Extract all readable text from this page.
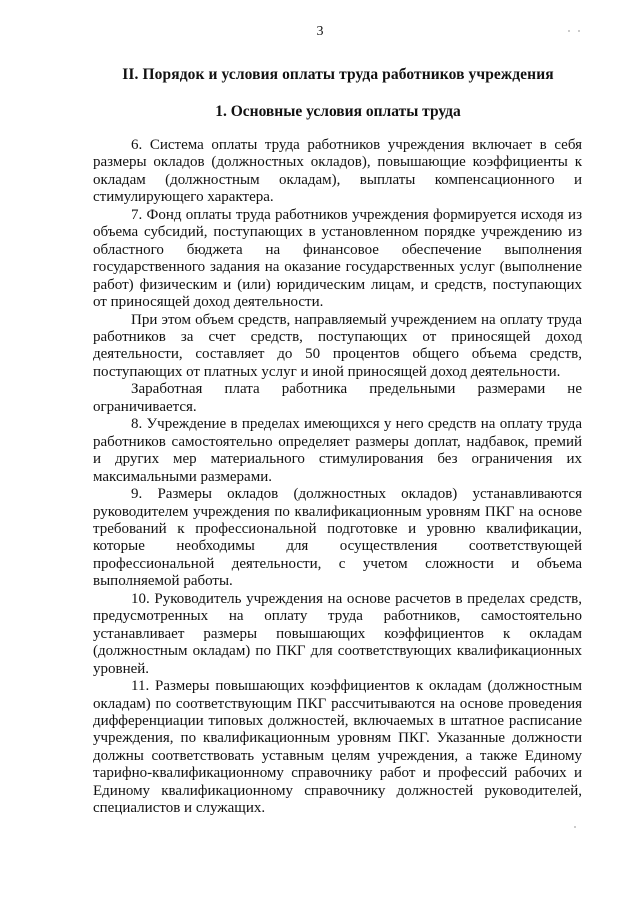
3
II. Порядок и условия оплаты труда работников учреждения
1. Основные условия оплаты труда

6. Система оплаты труда работников учреждения включает в себя размеры окладов (должностных окладов), повышающие коэффициенты к окладам (должностным окладам), выплаты компенсационного и стимулирующего характера.

7. Фонд оплаты труда работников учреждения формируется исходя из объема субсидий, поступающих в установленном порядке учреждению из областного бюджета на финансовое обеспечение выполнения государственного задания на оказание государственных услуг (выполнение работ) физическим и (или) юридическим лицам, и средств, поступающих от приносящей доход деятельности.

При этом объем средств, направляемый учреждением на оплату труда работников за счет средств, поступающих от приносящей доход деятельности, составляет до 50 процентов общего объема средств, поступающих от платных услуг и иной приносящей доход деятельности.

Заработная плата работника предельными размерами не ограничивается.

8. Учреждение в пределах имеющихся у него средств на оплату труда работников самостоятельно определяет размеры доплат, надбавок, премий и других мер материального стимулирования без ограничения их максимальными размерами.

9. Размеры окладов (должностных окладов) устанавливаются руководителем учреждения по квалификационным уровням ПКГ на основе требований к профессиональной подготовке и уровню квалификации, которые необходимы для осуществления соответствующей профессиональной деятельности, с учетом сложности и объема выполняемой работы.

10. Руководитель учреждения на основе расчетов в пределах средств, предусмотренных на оплату труда работников, самостоятельно устанавливает размеры повышающих коэффициентов к окладам (должностным окладам) по ПКГ для соответствующих квалификационных уровней.

11. Размеры повышающих коэффициентов к окладам (должностным окладам) по соответствующим ПКГ рассчитываются на основе проведения дифференциации типовых должностей, включаемых в штатное расписание учреждения, по квалификационным уровням ПКГ. Указанные должности должны соответствовать уставным целям учреждения, а также Единому тарифно-квалификационному справочнику работ и профессий рабочих и Единому квалификационному справочнику должностей руководителей, специалистов и служащих.
